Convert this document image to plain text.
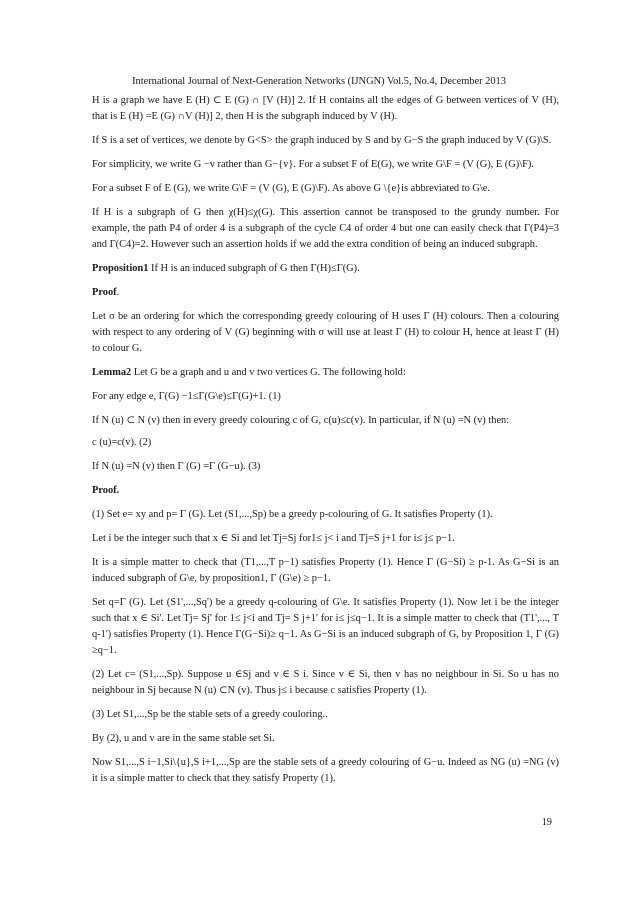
International Journal of Next-Generation Networks (IJNGN) Vol.5, No.4, December 2013

H is a graph we have E (H) ⊂ E (G) ∩ [V (H)] 2. If H contains all the edges of G between vertices of V (H), that is E (H) =E (G) ∩V (H)] 2, then H is the subgraph induced by V (H).

If S is a set of vertices, we denote by G<S> the graph induced by S and by G−S the graph induced by V (G)\S.

For simplicity, we write G −v rather than G−{v}. For a subset F of E(G), we write G\F = (V (G), E (G)\F).

For a subset F of E (G), we write G\F = (V (G), E (G)\F). As above G \{e}is abbreviated to G\e.

If H is a subgraph of G then χ(H)≤χ(G). This assertion cannot be transposed to the grundy number. For example, the path P4 of order 4 is a subgraph of the cycle C4 of order 4 but one can easily check that Γ(P4)=3 and Γ(C4)=2. However such an assertion holds if we add the extra condition of being an induced subgraph.

Proposition1 If H is an induced subgraph of G then Γ(H)≤Γ(G).

Proof.

Let σ be an ordering for which the corresponding greedy colouring of H uses Γ (H) colours. Then a colouring with respect to any ordering of V (G) beginning with σ will use at least Γ (H) to colour H, hence at least Γ (H) to colour G.

Lemma2 Let G be a graph and u and v two vertices G. The following hold:

For any edge e, Γ(G) −1≤Γ(G\e)≤Γ(G)+1. (1)

If N (u) ⊂ N (v) then in every greedy colouring c of G, c(u)≤c(v). In particular, if N (u) =N (v) then:

c (u)=c(v). (2)

If N (u) =N (v) then Γ (G) =Γ (G−u). (3)

Proof.

(1) Set e= xy and p= Γ (G). Let (S1,...,Sp) be a greedy p-colouring of G. It satisfies Property (1).

Let i be the integer such that x ∈ Si and let Tj=Sj for1≤ j< i and Tj=S j+1 for i≤ j≤ p−1.

It is a simple matter to check that (T1,...,T p−1) satisfies Property (1). Hence Γ (G−Si) ≥ p-1. As G−Si is an induced subgraph of G\e, by proposition1, Γ (G\e) ≥ p−1.

Set q=Γ (G). Let (S1',...,Sq') be a greedy q-colouring of G\e. It satisfies Property (1). Now let i be the integer such that x ∈ Si'. Let Tj= Sj' for 1≤ j<i and Tj= S j+1' for i≤ j≤q−1. It is a simple matter to check that (T1',..., T q-1') satisfies Property (1). Hence Γ(G−Si)≥ q−1. As G−Si is an induced subgraph of G, by Proposition 1, Γ (G) ≥q−1.

(2) Let c= (S1,...,Sp). Suppose u ∈Sj and v ∈ S i. Since v ∈ Si, then v has no neighbour in Si. So u has no neighbour in Sj because N (u) ⊂N (v). Thus j≤ i because c satisfies Property (1).

(3) Let S1,...,Sp be the stable sets of a greedy couloring..

By (2), u and v are in the same stable set Si.

Now S1,...,S i−1,Si\{u},S i+1,...,Sp are the stable sets of a greedy colouring of G−u. Indeed as NG (u) =NG (v) it is a simple matter to check that they satisfy Property (1).

19
